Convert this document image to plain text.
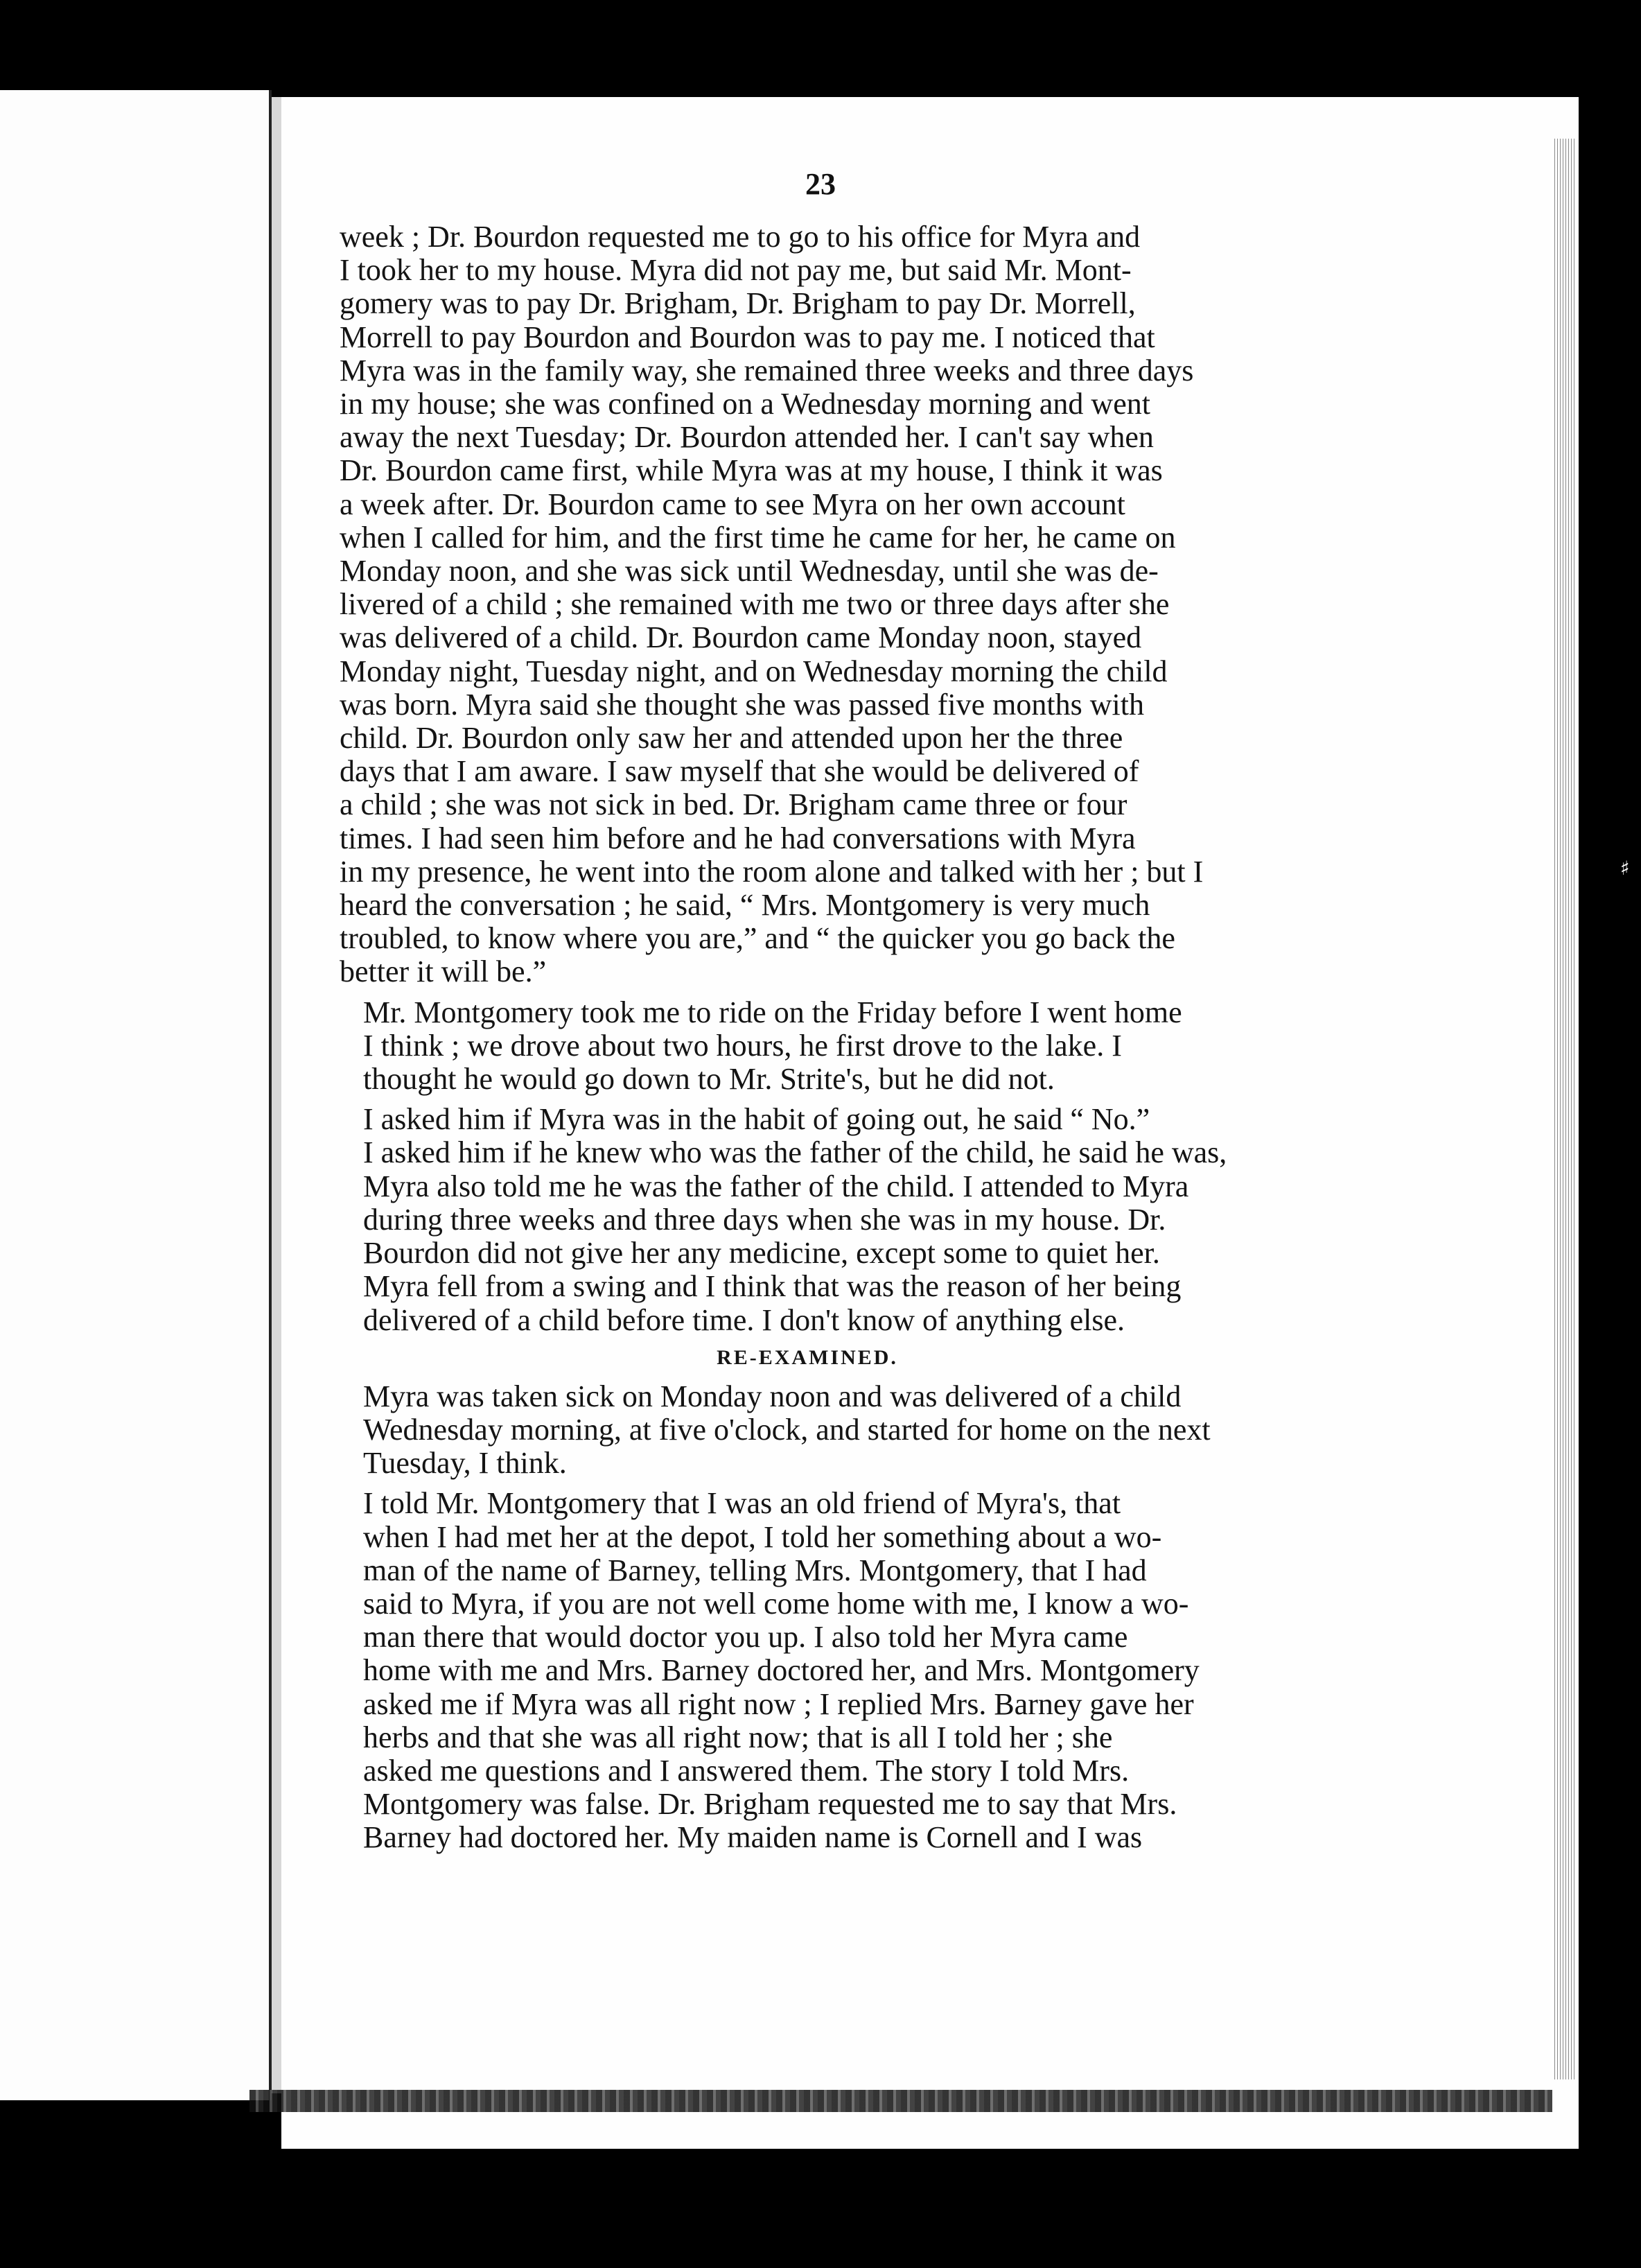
♯
23

week ; Dr. Bourdon requested me to go to his office for Myra and
I took her to my house. Myra did not pay me, but said Mr. Mont-
gomery was to pay Dr. Brigham, Dr. Brigham to pay Dr. Morrell,
Morrell to pay Bourdon and Bourdon was to pay me. I noticed that
Myra was in the family way, she remained three weeks and three days
in my house; she was confined on a Wednesday morning and went
away the next Tuesday; Dr. Bourdon attended her. I can't say when
Dr. Bourdon came first, while Myra was at my house, I think it was
a week after. Dr. Bourdon came to see Myra on her own account
when I called for him, and the first time he came for her, he came on
Monday noon, and she was sick until Wednesday, until she was de-
livered of a child ; she remained with me two or three days after she
was delivered of a child. Dr. Bourdon came Monday noon, stayed
Monday night, Tuesday night, and on Wednesday morning the child
was born. Myra said she thought she was passed five months with
child. Dr. Bourdon only saw her and attended upon her the three
days that I am aware. I saw myself that she would be delivered of
a child ; she was not sick in bed. Dr. Brigham came three or four
times. I had seen him before and he had conversations with Myra
in my presence, he went into the room alone and talked with her ; but I
heard the conversation ; he said, “ Mrs. Montgomery is very much
troubled, to know where you are,” and “ the quicker you go back the
better it will be.”

Mr. Montgomery took me to ride on the Friday before I went home
I think ; we drove about two hours, he first drove to the lake. I
thought he would go down to Mr. Strite's, but he did not.

I asked him if Myra was in the habit of going out, he said “ No.”
I asked him if he knew who was the father of the child, he said he was,
Myra also told me he was the father of the child. I attended to Myra
during three weeks and three days when she was in my house. Dr.
Bourdon did not give her any medicine, except some to quiet her.
Myra fell from a swing and I think that was the reason of her being
delivered of a child before time. I don't know of anything else.

RE-EXAMINED.

Myra was taken sick on Monday noon and was delivered of a child
Wednesday morning, at five o'clock, and started for home on the next
Tuesday, I think.

I told Mr. Montgomery that I was an old friend of Myra's, that
when I had met her at the depot, I told her something about a wo-
man of the name of Barney, telling Mrs. Montgomery, that I had
said to Myra, if you are not well come home with me, I know a wo-
man there that would doctor you up. I also told her Myra came
home with me and Mrs. Barney doctored her, and Mrs. Montgomery
asked me if Myra was all right now ; I replied Mrs. Barney gave her
herbs and that she was all right now; that is all I told her ; she
asked me questions and I answered them. The story I told Mrs.
Montgomery was false. Dr. Brigham requested me to say that Mrs.
Barney had doctored her. My maiden name is Cornell and I was
